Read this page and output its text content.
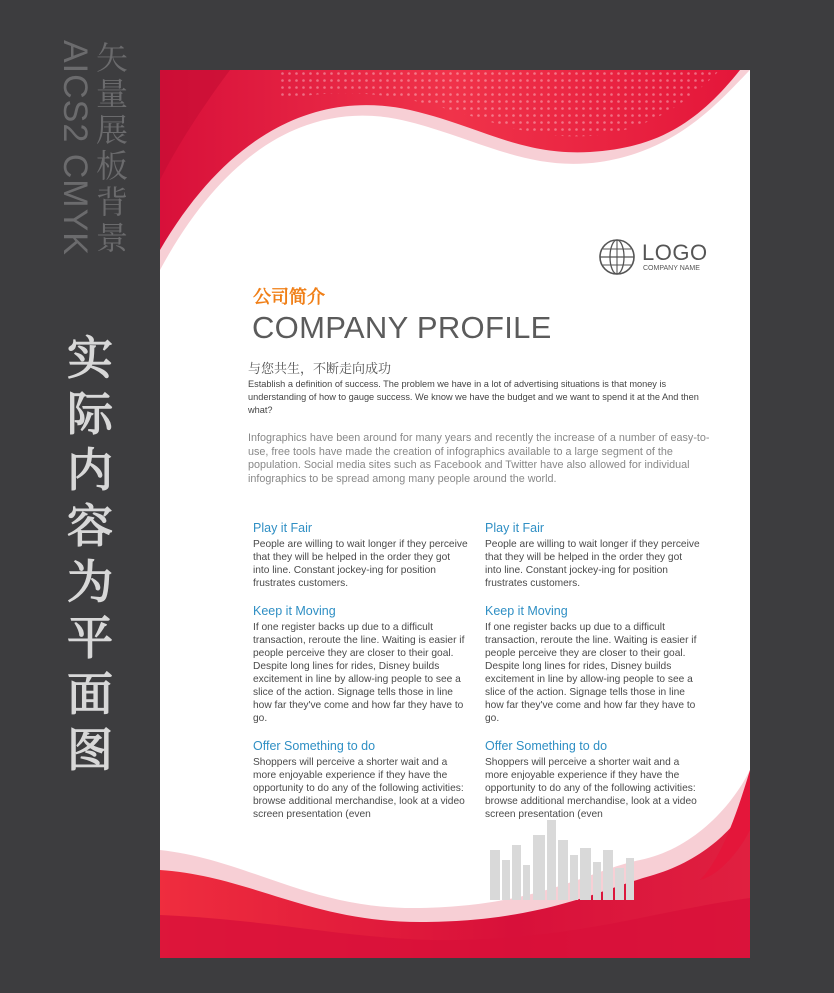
AICS2 CMYK 矢
量
展
板
背
景
实
际
内
容
为
平
面
图
LOGO
COMPANY NAME
公司简介
COMPANY PROFILE
与您共生，不断走向成功
Establish a definition of success. The problem we have in a lot of advertising situations is that money is understanding of how to gauge success. We know we have the budget and we want to spend it at the And then what?
Infographics have been around for many years and recently the increase of a number of easy-to-use, free tools have made the creation of infographics available to a large segment of the population. Social media sites such as Facebook and Twitter have also allowed for individual infographics to be spread among many people around the world.
Play it Fair
People are willing to wait longer if they perceive that they will be helped in the order they got into line. Constant jockey-ing for position frustrates customers.
Keep it Moving
If one register backs up due to a difficult transaction, reroute the line. Waiting is easier if people perceive they are closer to their goal. Despite long lines for rides, Disney builds excitement in line by allow-ing people to see a slice of the action. Signage tells those in line how far they've come and how far they have to go.
Offer Something to do
Shoppers will perceive a shorter wait and a more enjoyable experience if they have the opportunity to do any of the following activities: browse additional merchandise, look at a video screen presentation (even
Play it Fair
People are willing to wait longer if they perceive that they will be helped in the order they got into line. Constant jockey-ing for position frustrates customers.
Keep it Moving
If one register backs up due to a difficult transaction, reroute the line. Waiting is easier if people perceive they are closer to their goal. Despite long lines for rides, Disney builds excitement in line by allow-ing people to see a slice of the action. Signage tells those in line how far they've come and how far they have to go.
Offer Something to do
Shoppers will perceive a shorter wait and a more enjoyable experience if they have the opportunity to do any of the following activities: browse additional merchandise, look at a video screen presentation (even
